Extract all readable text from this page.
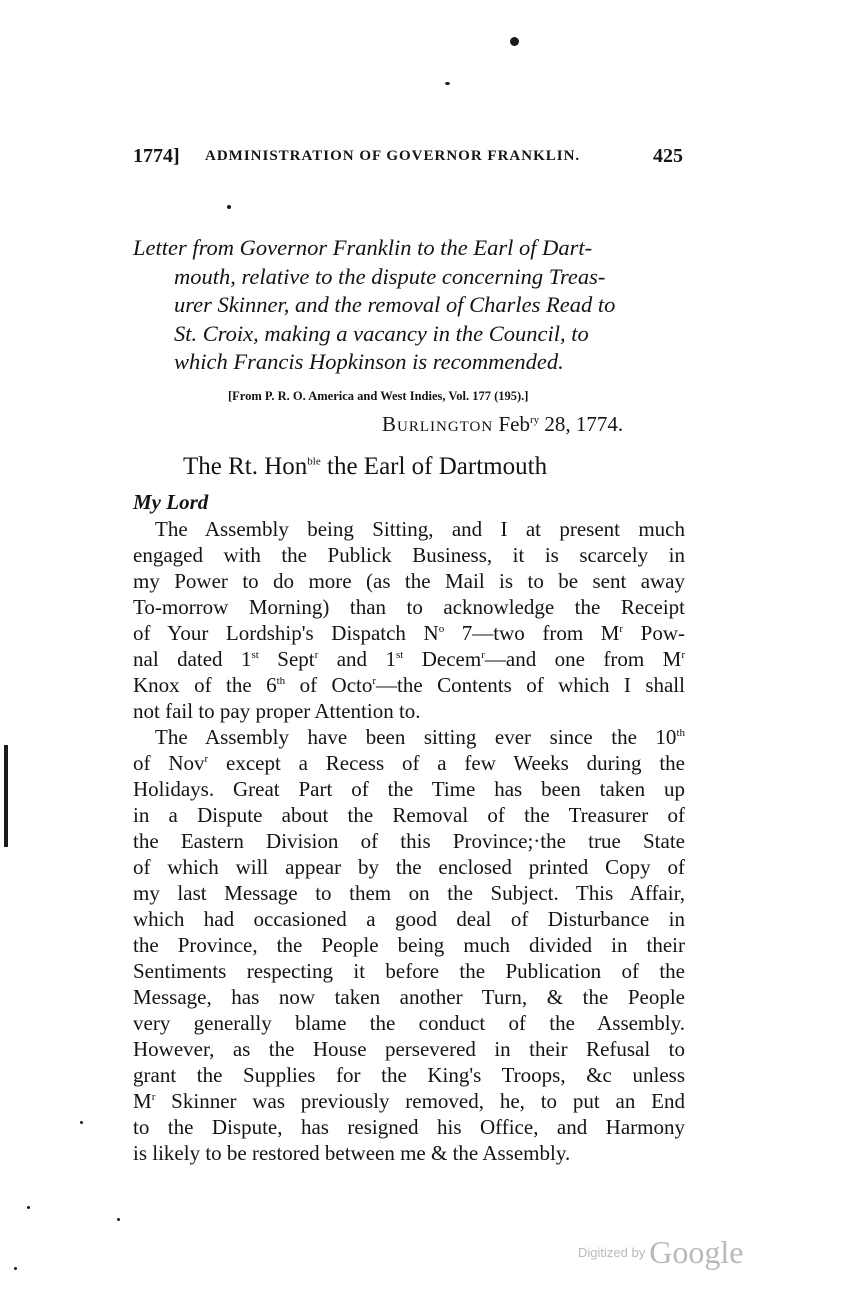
1774] ADMINISTRATION OF GOVERNOR FRANKLIN.	425
Letter from Governor Franklin to the Earl of Dart-
mouth, relative to the dispute concerning Treas-
urer Skinner, and the removal of Charles Read to
St. Croix, making a vacancy in the Council, to
which Francis Hopkinson is recommended.
[From P. R. O. America and West Indies, Vol. 177 (195).]
Burlington Feb$^{ry}$ 28, 1774.
The Rt. Hon$^{ble}$ the Earl of Dartmouth
My Lord
The Assembly being Sitting, and I at present much
engaged with the Publick Business, it is scarcely in
my Power to do more (as the Mail is to be sent away
To-morrow Morning) than to acknowledge the Receipt
of Your Lordship's Dispatch $N^o$ 7—two from $M^r$ Pow-
nal dated 1st Sept$^r$ and 1st Decem$^r$—and one from $M^r$
Knox of the 6th of Octo$^r$—the Contents of which I shall
not fail to pay proper Attention to.
The Assembly have been sitting ever since the 10th
of Nov$^r$ except a Recess of a few Weeks during the
Holidays. Great Part of the Time has been taken up
in a Dispute about the Removal of the Treasurer of
the Eastern Division of this Province;·the true State
of which will appear by the enclosed printed Copy of
my last Message to them on the Subject. This Affair,
which had occasioned a good deal of Disturbance in
the Province, the People being much divided in their
Sentiments respecting it before the Publication of the
Message, has now taken another Turn, & the People
very generally blame the conduct of the Assembly.
However, as the House persevered in their Refusal to
grant the Supplies for the King's Troops, &c unless
$M^r$ Skinner was previously removed, he, to put an End
to the Dispute, has resigned his Office, and Harmony
is likely to be restored between me & the Assembly.
Digitized by Google
